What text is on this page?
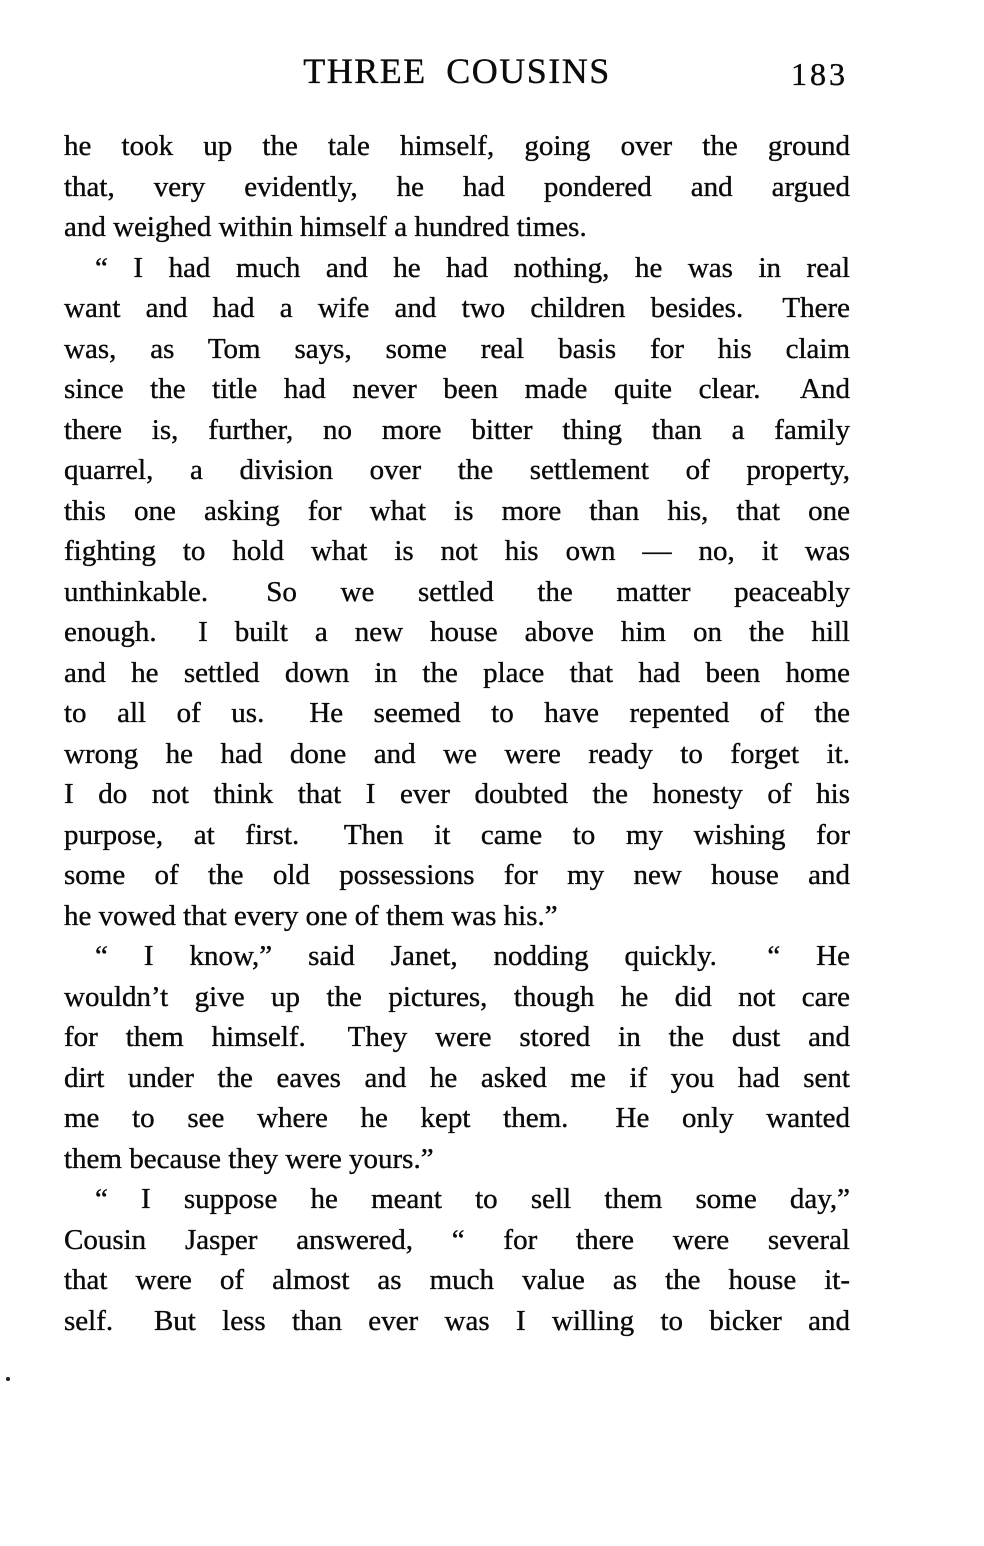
THREE COUSINS	183
he took up the tale himself, going over the ground
that, very evidently, he had pondered and argued
and weighed within himself a hundred times.
“ I had much and he had nothing, he was in real
want and had a wife and two children besides.  There
was, as Tom says, some real basis for his claim
since the title had never been made quite clear.  And
there is, further, no more bitter thing than a family
quarrel, a division over the settlement of property,
this one asking for what is more than his, that one
fighting to hold what is not his own — no, it was
unthinkable.  So we settled the matter peaceably
enough.  I built a new house above him on the hill
and he settled down in the place that had been home
to all of us.  He seemed to have repented of the
wrong he had done and we were ready to forget it.
I do not think that I ever doubted the honesty of his
purpose, at first.  Then it came to my wishing for
some of the old possessions for my new house and
he vowed that every one of them was his.”
“ I know,” said Janet, nodding quickly.  “ He
wouldn’t give up the pictures, though he did not care
for them himself.  They were stored in the dust and
dirt under the eaves and he asked me if you had sent
me to see where he kept them.  He only wanted
them because they were yours.”
“ I suppose he meant to sell them some day,”
Cousin Jasper answered, “ for there were several
that were of almost as much value as the house it-
self.  But less than ever was I willing to bicker and
